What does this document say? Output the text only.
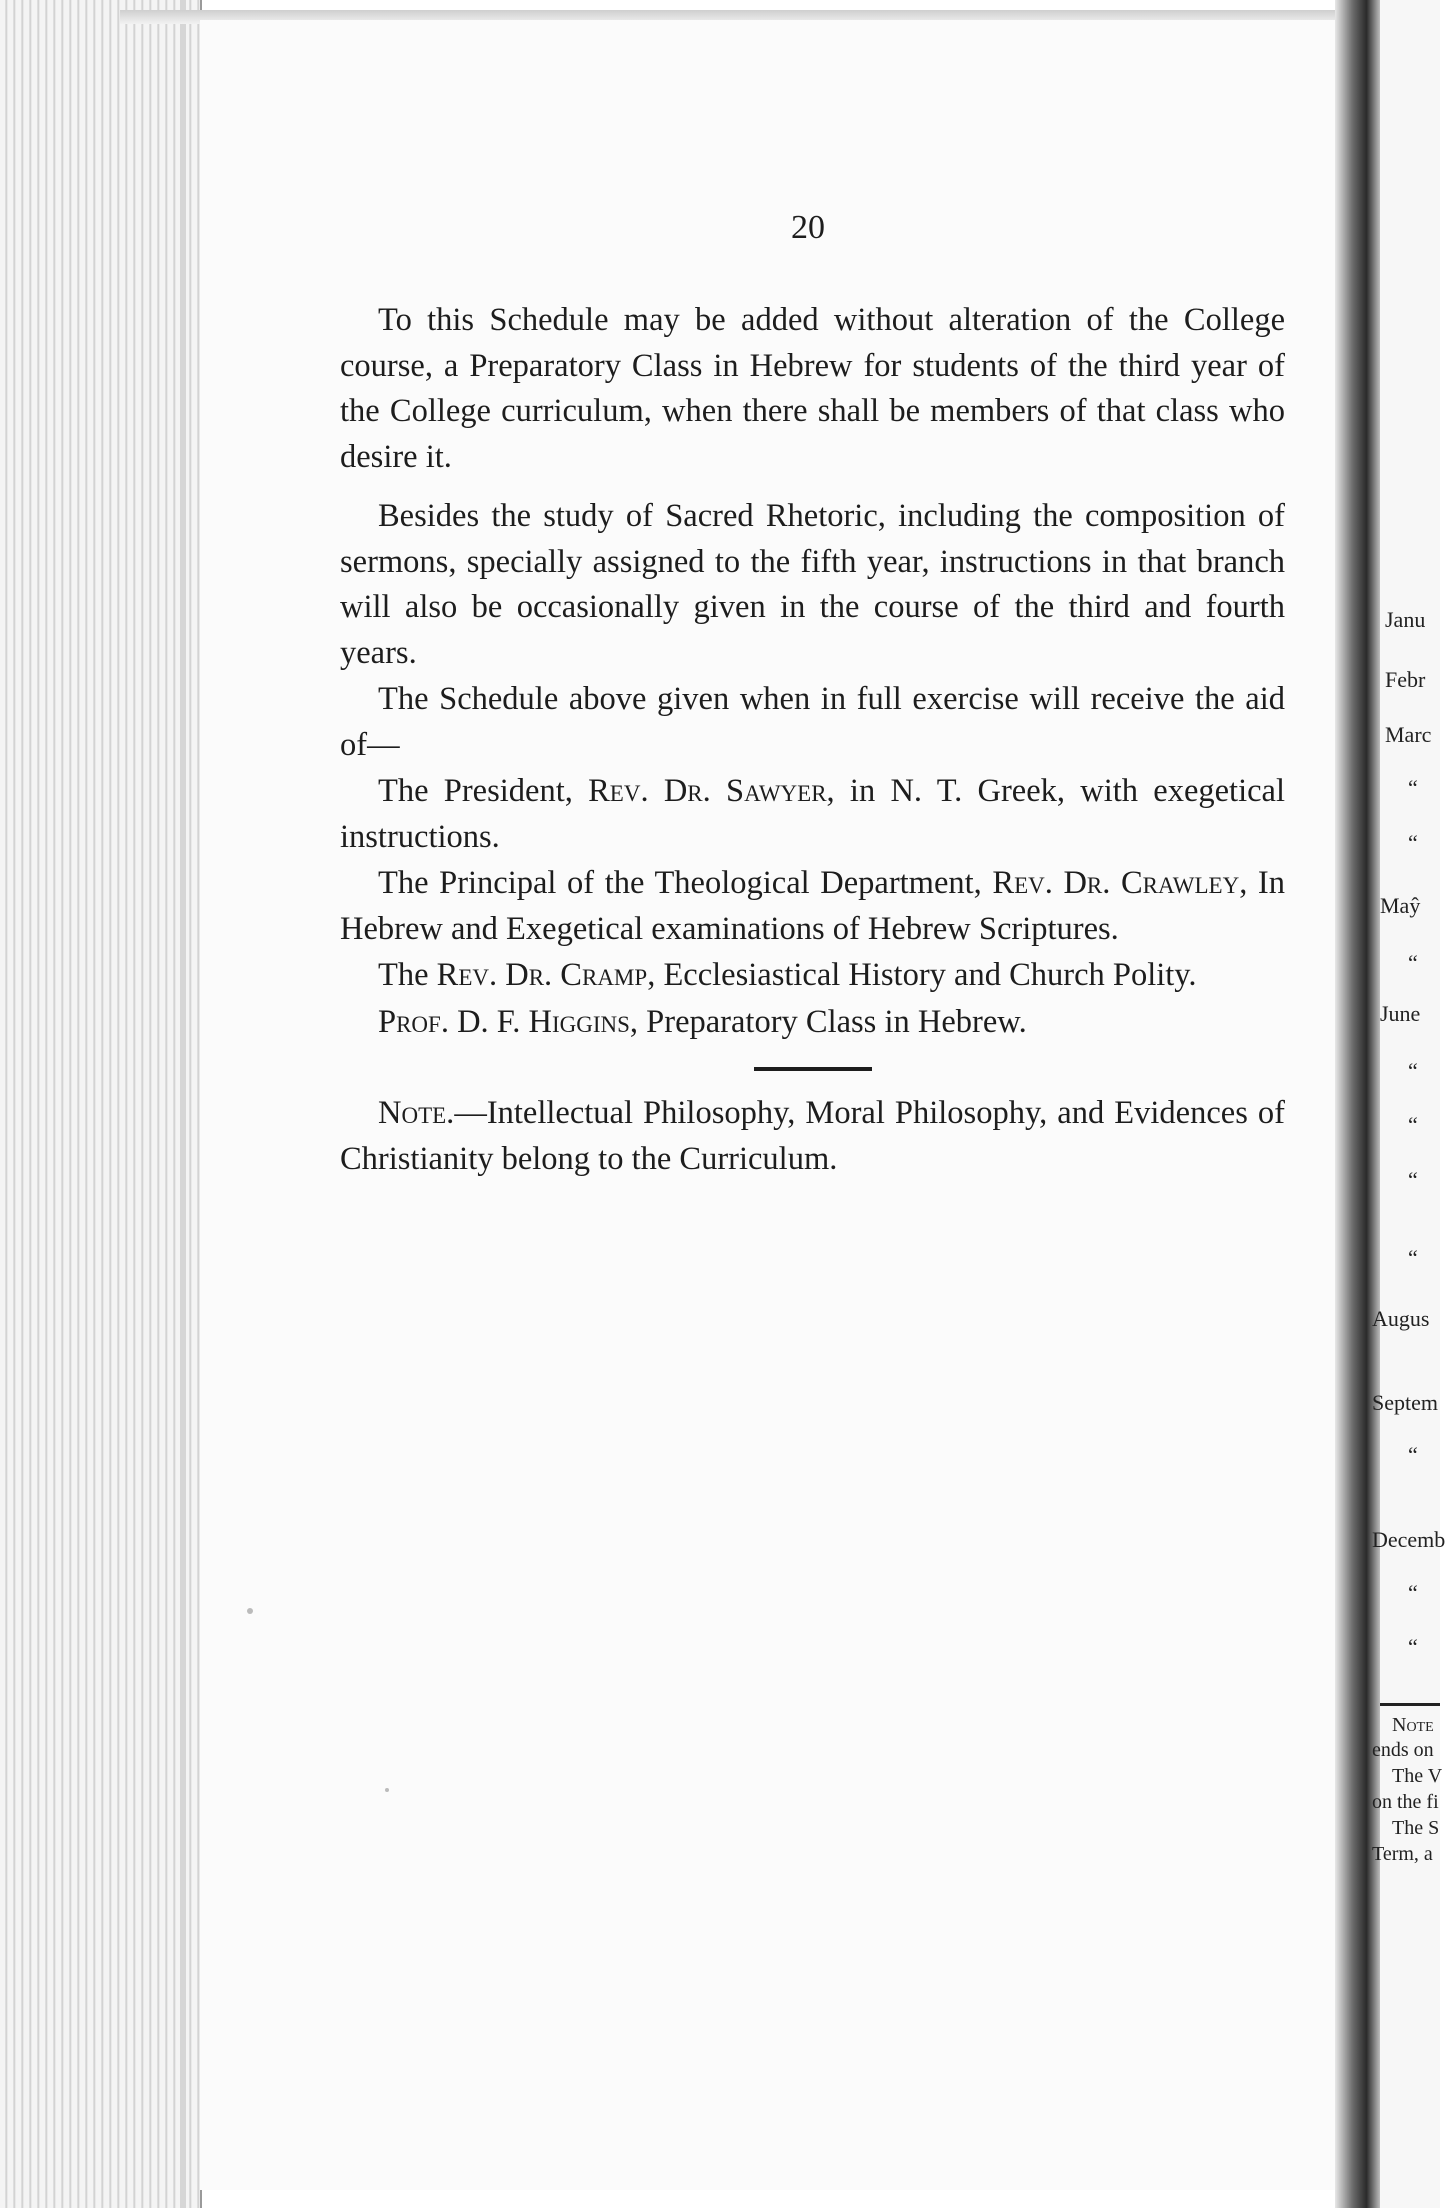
20

To this Schedule may be added without alteration of the College course, a Preparatory Class in Hebrew for students of the third year of the College curriculum, when there shall be members of that class who desire it.

Besides the study of Sacred Rhetoric, including the composition of sermons, specially assigned to the fifth year, instructions in that branch will also be occasionally given in the course of the third and fourth years.

The Schedule above given when in full exercise will receive the aid of—

The President, Rev. Dr. Sawyer, in N. T. Greek, with exegetical instructions.

The Principal of the Theological Department, Rev. Dr. Crawley, In Hebrew and Exegetical examinations of Hebrew Scriptures.

The Rev. Dr. Cramp, Ecclesiastical History and Church Polity.

Prof. D. F. Higgins, Preparatory Class in Hebrew.

Note.—Intellectual Philosophy, Moral Philosophy, and Evidences of Christianity belong to the Curriculum.

Janu
Febr
Marc
“
“
Maŷ
“
June
“
“
“
“
Augus
Septem
“
Decemb
“
“
Note
ends on
The V
on the fi
The S
Term, a
